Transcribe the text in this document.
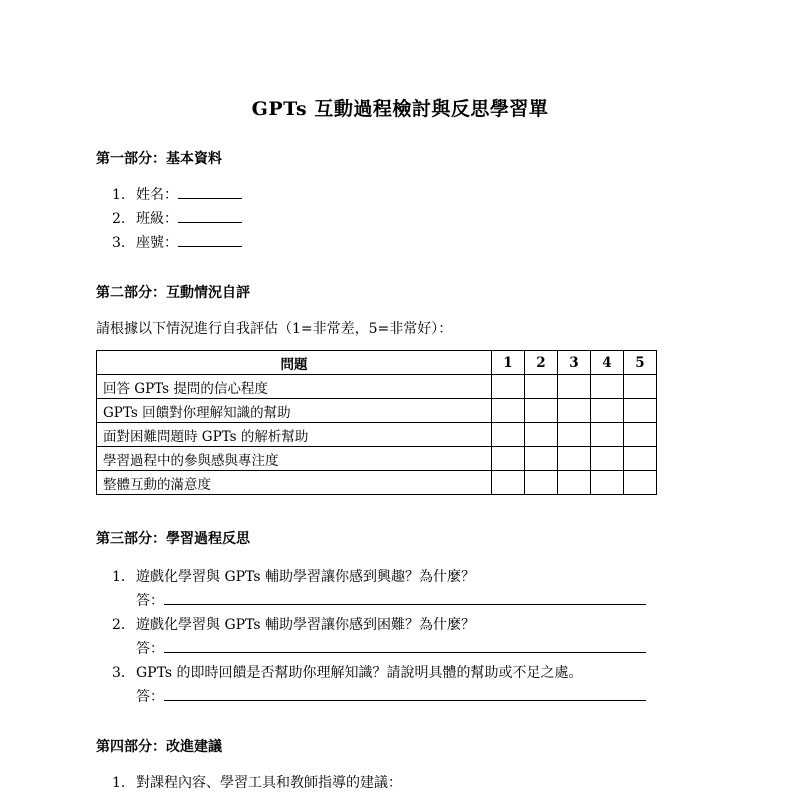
GPTs 互動過程檢討與反思學習單
第一部分：基本資料
1. 姓名：
2. 班級：
3. 座號：
第二部分：互動情況自評
請根據以下情況進行自我評估（1=非常差，5=非常好）：
問題	1	2	3	4	5
回答 GPTs 提問的信心程度					
GPTs 回饋對你理解知識的幫助					
面對困難問題時 GPTs 的解析幫助					
學習過程中的參與感與專注度					
整體互動的滿意度					
第三部分：學習過程反思
1. 遊戲化學習與 GPTs 輔助學習讓你感到興趣？為什麼？
答：
2. 遊戲化學習與 GPTs 輔助學習讓你感到困難？為什麼？
答：
3. GPTs 的即時回饋是否幫助你理解知識？請說明具體的幫助或不足之處。
答：
第四部分：改進建議
1. 對課程內容、學習工具和教師指導的建議：
